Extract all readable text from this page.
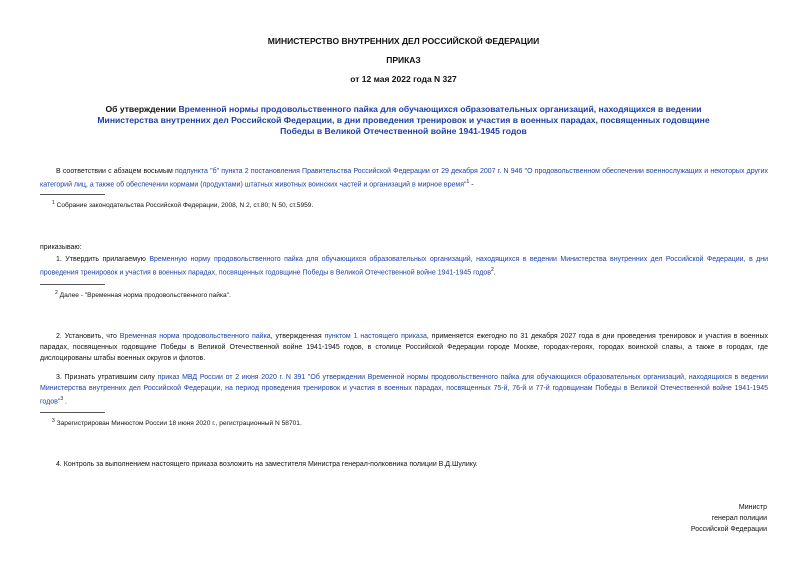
МИНИСТЕРСТВО ВНУТРЕННИХ ДЕЛ РОССИЙСКОЙ ФЕДЕРАЦИИ
ПРИКАЗ
от 12 мая 2022 года N 327
Об утверждении Временной нормы продовольственного пайка для обучающихся образовательных организаций, находящихся в ведении Министерства внутренних дел Российской Федерации, в дни проведения тренировок и участия в военных парадах, посвященных годовщине Победы в Великой Отечественной войне 1941-1945 годов
В соответствии с абзацем восьмым подпункта "б" пункта 2 постановления Правительства Российской Федерации от 29 декабря 2007 г. N 946 "О продовольственном обеспечении военнослужащих и некоторых других категорий лиц, а также об обеспечении кормами (продуктами) штатных животных воинских частей и организаций в мирное время"$^1$ -
$^1$ Собрание законодательства Российской Федерации, 2008, N 2, ст.80; N 50, ст.5959.
приказываю:
1. Утвердить прилагаемую Временную норму продовольственного пайка для обучающихся образовательных организаций, находящихся в ведении Министерства внутренних дел Российской Федерации, в дни проведения тренировок и участия в военных парадах, посвященных годовщине Победы в Великой Отечественной войне 1941-1945 годов$^2$.
$^2$ Далее - "Временная норма продовольственного пайка".
2. Установить, что Временная норма продовольственного пайка, утвержденная пунктом 1 настоящего приказа, применяется ежегодно по 31 декабря 2027 года в дни проведения тренировок и участия в военных парадах, посвященных годовщине Победы в Великой Отечественной войне 1941-1945 годов, в столице Российской Федерации городе Москве, городах-героях, городах воинской славы, а также в городах, где дислоцированы штабы военных округов и флотов.
3. Признать утратившим силу приказ МВД России от 2 июня 2020 г. N 391 "Об утверждении Временной нормы продовольственного пайка для обучающихся образовательных организаций, находящихся в ведении Министерства внутренних дел Российской Федерации, на период проведения тренировок и участия в военных парадах, посвященных 75-й, 76-й и 77-й годовщинам Победы в Великой Отечественной войне 1941-1945 годов"$^3$ .
$^3$ Зарегистрирован Минюстом России 18 июня 2020 г., регистрационный N 58701.
4. Контроль за выполнением настоящего приказа возложить на заместителя Министра генерал-полковника полиции В.Д.Шулику.
Министр
генерал полиции
Российской Федерации
